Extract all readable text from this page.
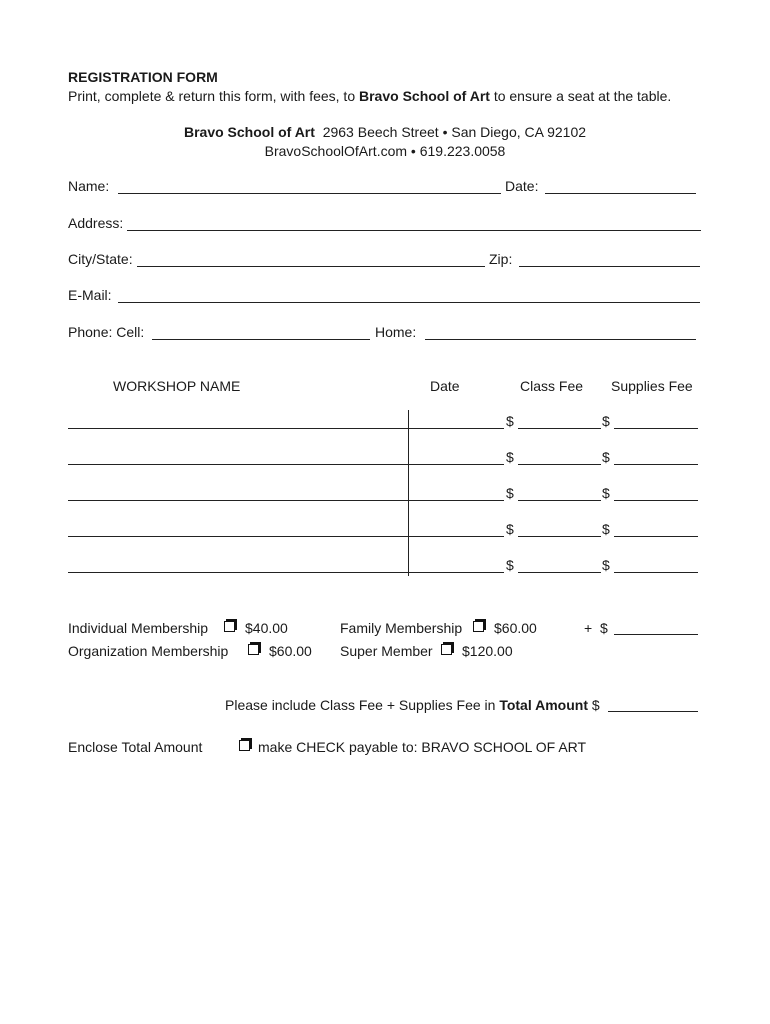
REGISTRATION FORM
Print, complete & return this form, with fees, to Bravo School of Art to ensure a seat at the table.
Bravo School of Art 2963 Beech Street • San Diego, CA 92102
BravoSchoolOfArt.com • 619.223.0058
Name:	Date:
Address:
City/State:	Zip:
E-Mail:
Phone: Cell:	Home:
WORKSHOP NAME	Date	Class Fee Supplies Fee
$	$
$	$
$	$
$	$
$	$
Individual Membership	$40.00	Family Membership $60.00	+ $
Organization Membership	$60.00 Super Member $120.00
Please include Class Fee + Supplies Fee in Total Amount $
Enclose Total Amount	make CHECK payable to: BRAVO SCHOOL OF ART
